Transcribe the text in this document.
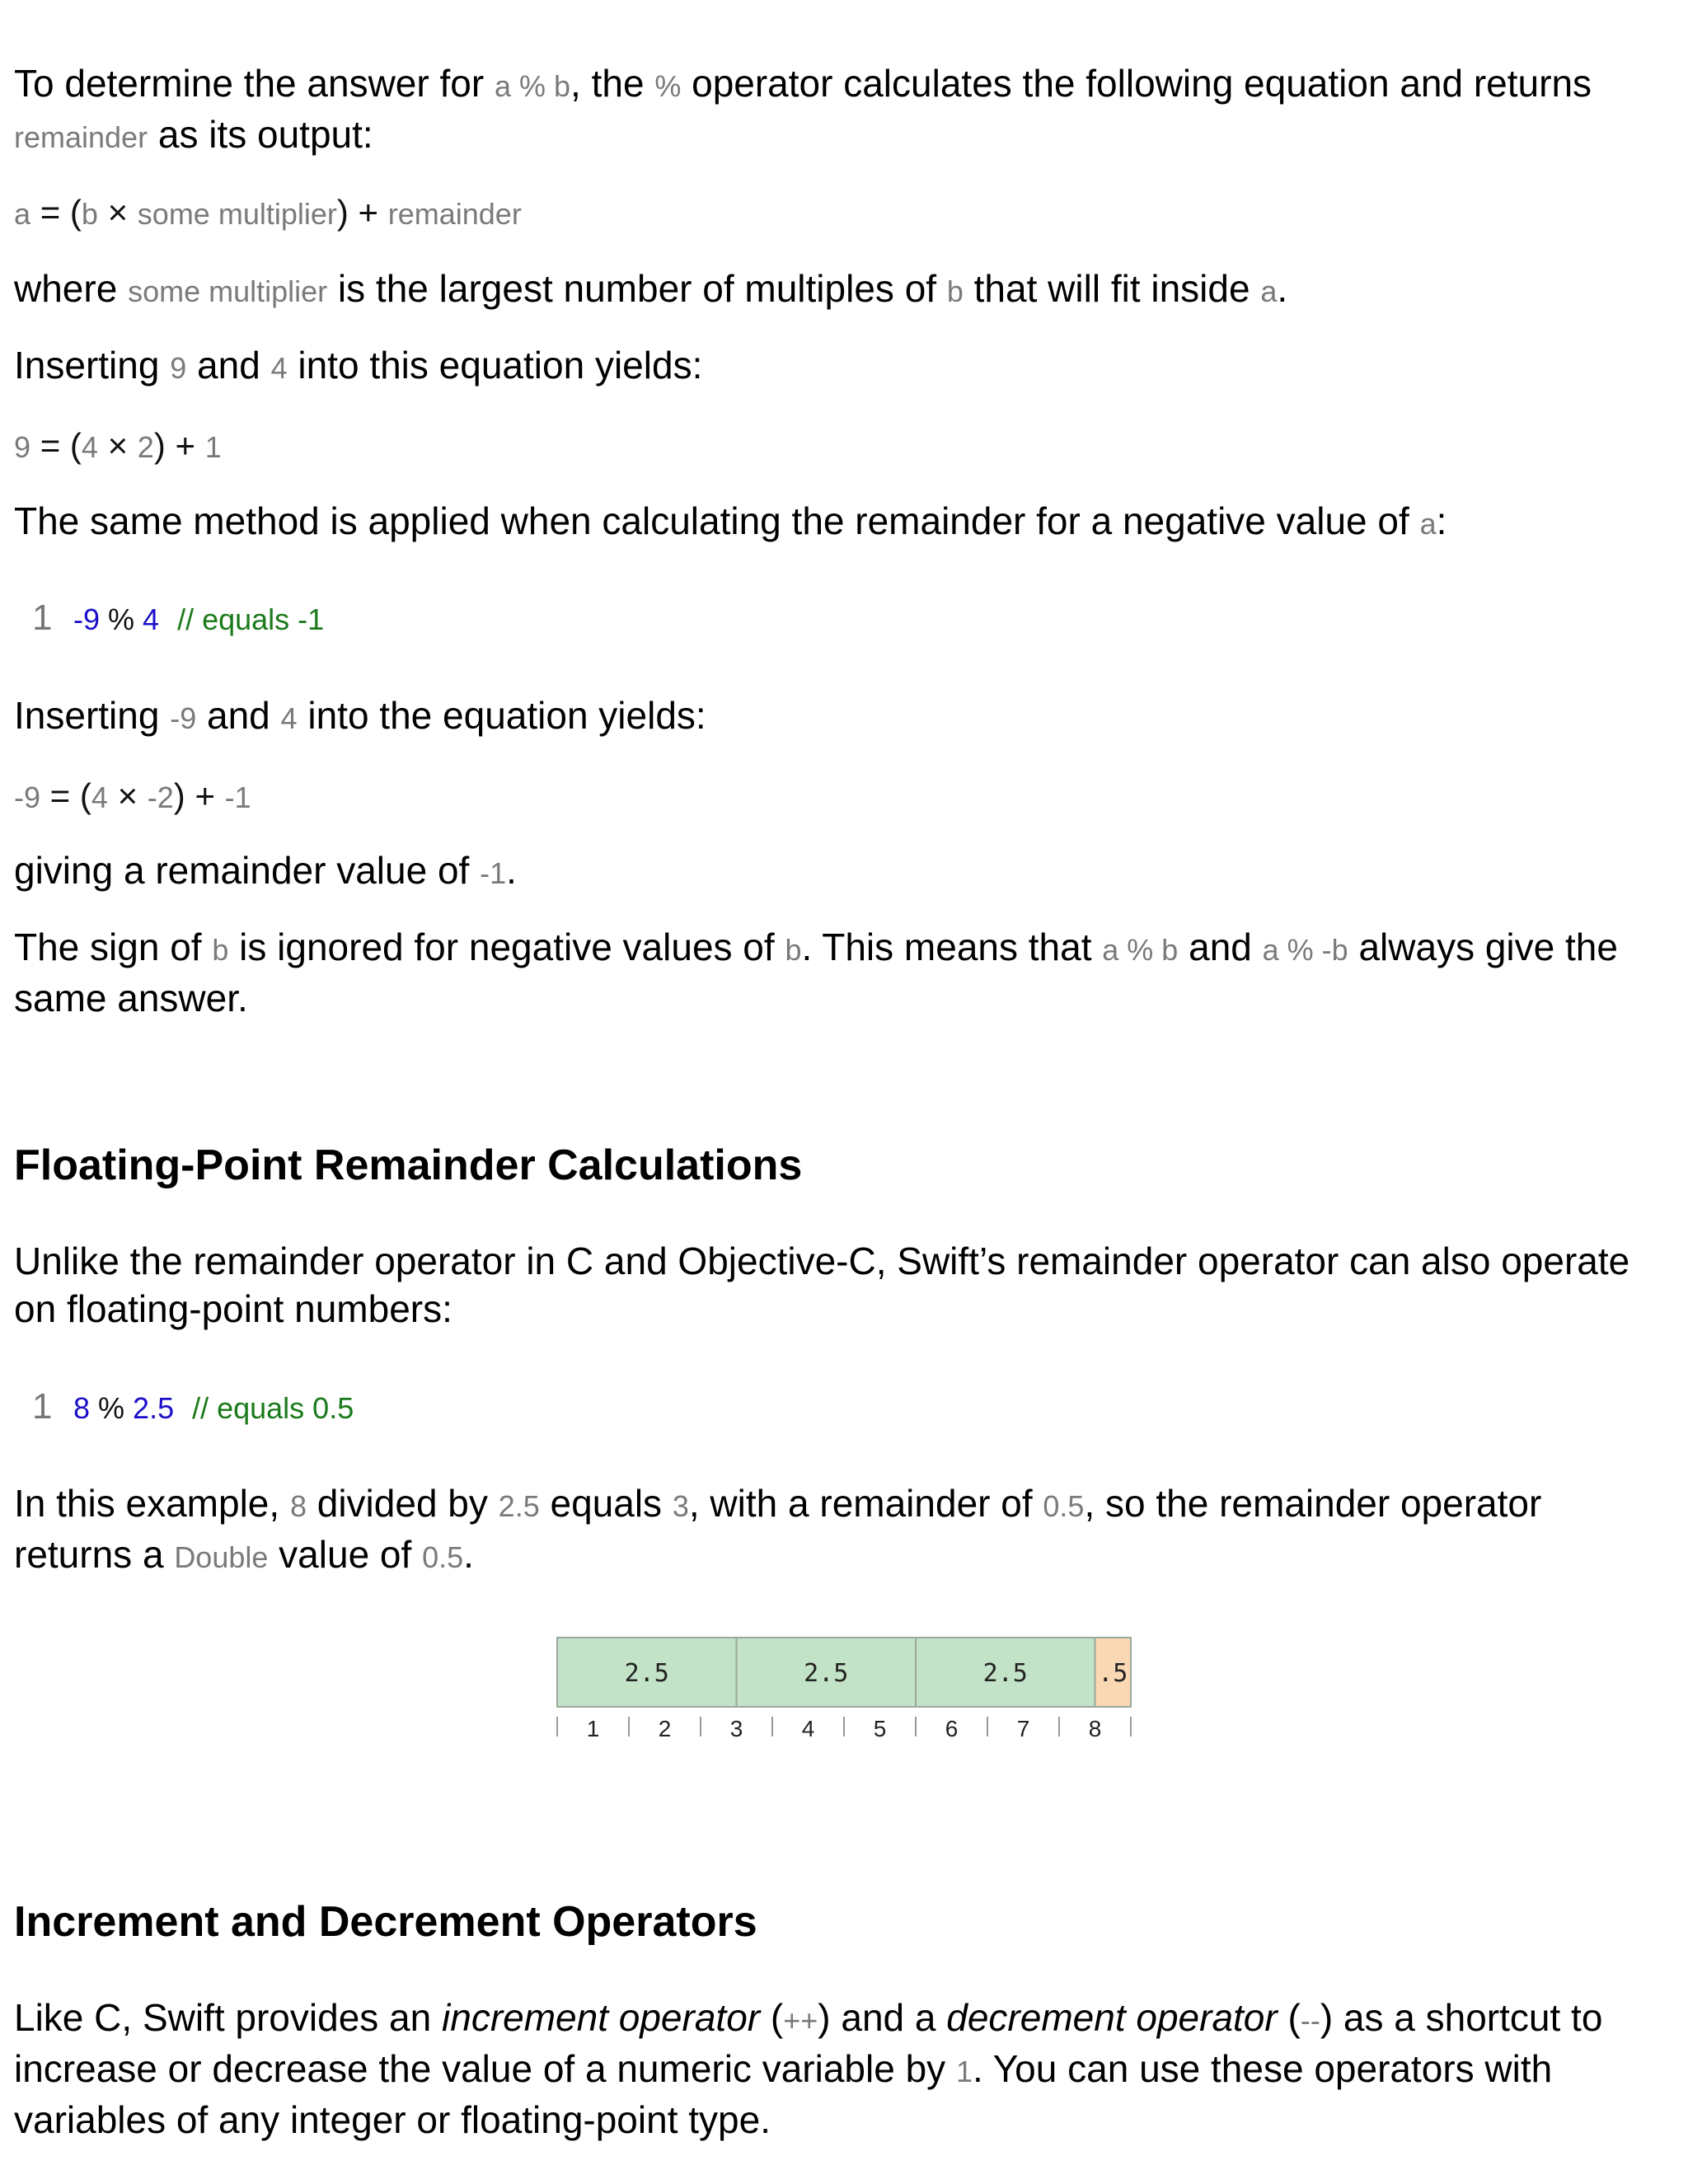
To determine the answer for a % b, the % operator calculates the following equation and returns remainder as its output:

a = (b × some multiplier) + remainder

where some multiplier is the largest number of multiples of b that will fit inside a.

Inserting 9 and 4 into this equation yields:

9 = (4 × 2) + 1

The same method is applied when calculating the remainder for a negative value of a:

1 -9 % 4 // equals -1

Inserting -9 and 4 into the equation yields:

-9 = (4 × -2) + -1

giving a remainder value of -1.

The sign of b is ignored for negative values of b. This means that a % b and a % -b always give the same answer.

Floating-Point Remainder Calculations

Unlike the remainder operator in C and Objective-C, Swift’s remainder operator can also operate on floating-point numbers:

1 8 % 2.5 // equals 0.5

In this example, 8 divided by 2.5 equals 3, with a remainder of 0.5, so the remainder operator returns a Double value of 0.5.

2.5	2.5	2.5	.5
1	2	3	4	5	6	7	8
Increment and Decrement Operators

Like C, Swift provides an increment operator (++) and a decrement operator (--) as a shortcut to increase or decrease the value of a numeric variable by 1. You can use these operators with variables of any integer or floating-point type.
